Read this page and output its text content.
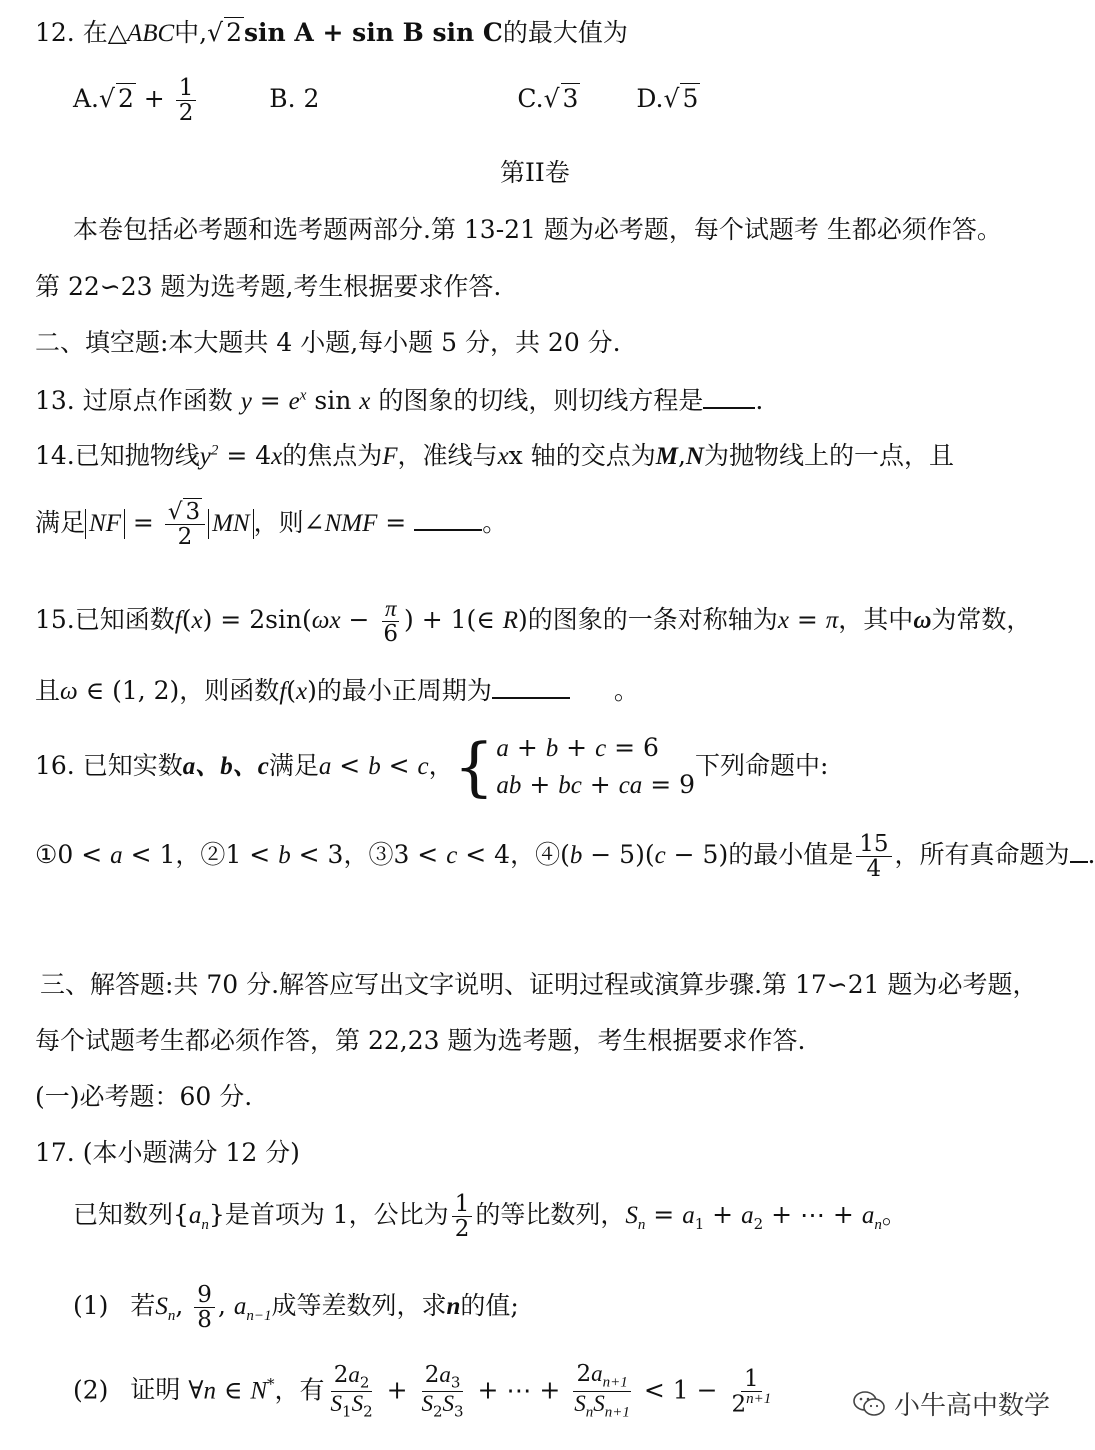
12. 在△ABC中,√ 2sin A + sin B sin C的最大值为
A.√ $2 + \frac{1}{2}$	B. 2	C.√ 3 D.√ 5
第II卷
本卷包括必考题和选考题两部分.第 13-21 题为必考题，每个试题考 生都必须作答。
第 22∽23 题为选考题,考生根据要求作答.
二、填空题:本大题共 4 小题,每小题 5 分，共 20 分.
13. 过原点作函数 $y = e^x$ sin x 的图象的切线，则切线方程是 .
14.已知抛物线$y^2 = 4x$的焦点为F，准线与xx 轴的交点为M,N为抛物线上的一点，且
满足 NF = $\frac{√ 3}{2}$ MN ，则∠NMF =	。
15.已知函数$f(x) = 2\sin(\omega x - \frac{\pi}{6}$ ) + 1(∈ R)的图象的一条对称轴为x = π，其中ω为常数，
且ω ∈ (1, 2)，则函数f(x)的最小正周期为	。
16. 已知实数a、b、c满足a < b < c，{ a + b + c = 6
ab + bc + ca = 9
下列命题中:
①0 < a < 1，②1 < b < 3，③3 < c < 4，④(b − 5)(c − 5)的最小值是 $\frac{15}{4}$ ，所有真命题为 .
三、解答题:共 70 分.解答应写出文字说明、证明过程或演算步骤.第 17∽21 题为必考题，
每个试题考生都必须作答，第 22,23 题为选考题，考生根据要求作答.
(一)必考题：60 分.
17. (本小题满分 12 分)
已知数列$\{a_n\}$是首项为 1，公比为 $\frac{1}{2}$ 的等比数列，$S_n = a_1 + a_2$ + ⋯ + $a_n$。
(1) 若$S_n$, $\frac{9}{8}$ , $a_{n-1}$成等差数列，求n的值;
(2) 证明 ∀n ∈ N*，有 $\frac{2a_2}{S_1S_2} + \frac{2a_3}{S_2S_3}$ + ⋯ + $\frac{2a_{n+1}}{S_nS_{n+1}} < 1 - \frac{1}{2^{n+1}}$	小牛高中数学
